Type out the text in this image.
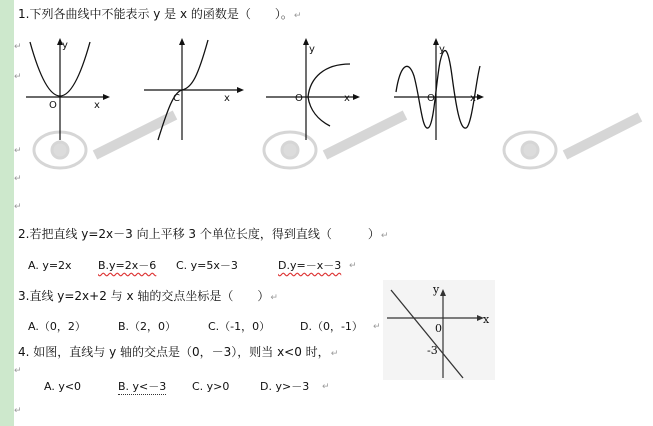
1.下列各曲线中不能表示 y 是 x 的函数是（　　）。↵
↵
↵
↵
↵
↵
y
O	x
C	x
y
O	x
y
O	x
2.若把直线 y=2x－3 向上平移 3 个单位长度，得到直线（　　　）↵
A. y=2x B.y=2x－6 C. y=5x－3	D.y=－x－3 ↵
3.直线 y=2x+2 与 x 轴的交点坐标是（　　）↵
A.（0，2）	B.（2，0）	C.（-1，0）	D.（0，-1） ↵
4. 如图，直线与 y 轴的交点是（0，－3），则当 x<0 时，↵
↵
A. y<0	B. y<－3 C. y>0	D. y>－3 ↵
↵
y
x
0
-3
